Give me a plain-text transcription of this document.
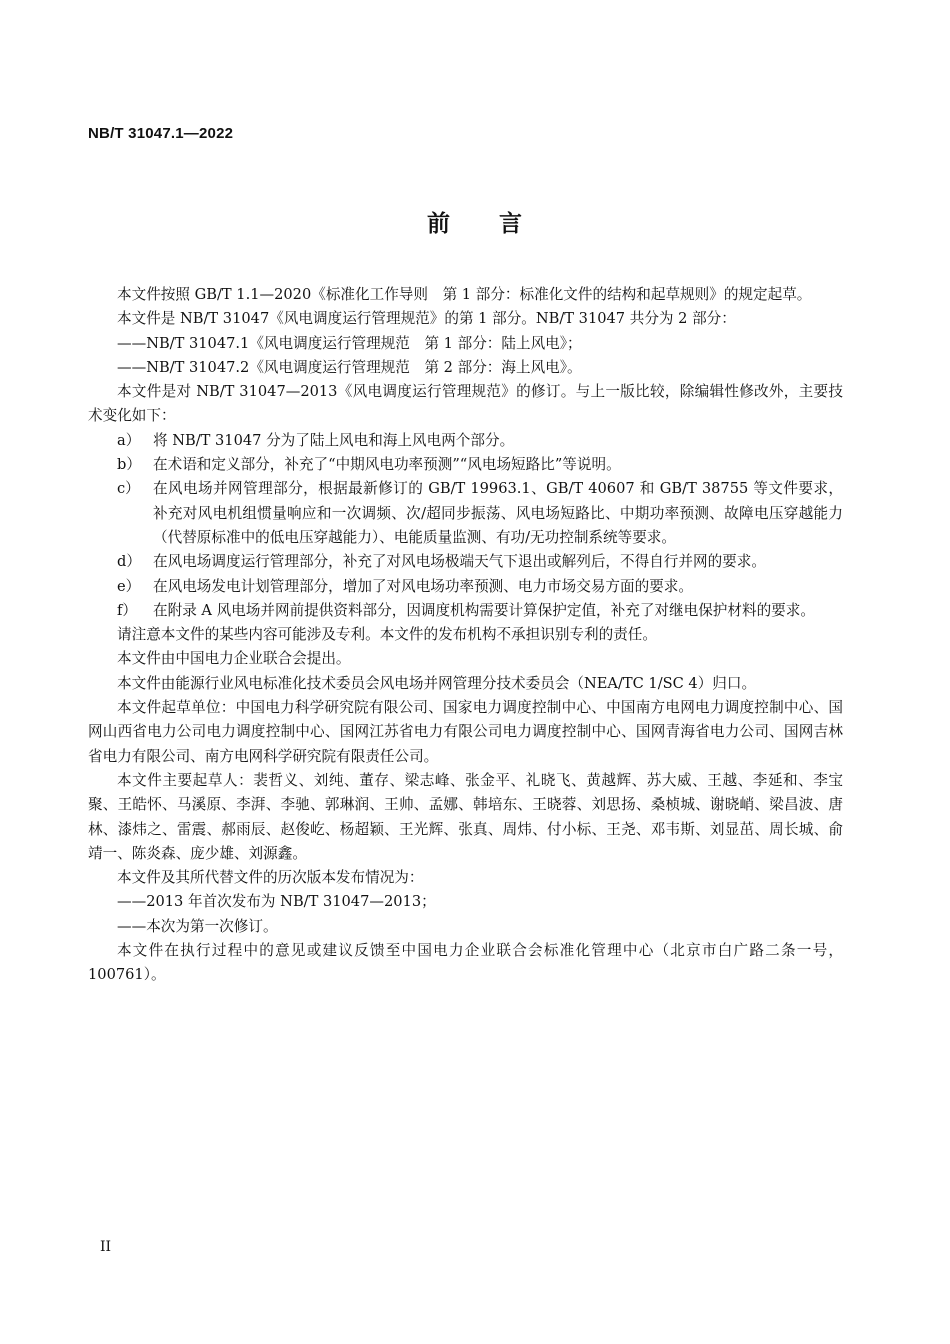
NB/T 31047.1—2022
前 言

本文件按照 GB/T 1.1—2020《标准化工作导则　第 1 部分：标准化文件的结构和起草规则》的规定起草。

本文件是 NB/T 31047《风电调度运行管理规范》的第 1 部分。NB/T 31047 共分为 2 部分：

——NB/T 31047.1《风电调度运行管理规范　第 1 部分：陆上风电》；

——NB/T 31047.2《风电调度运行管理规范　第 2 部分：海上风电》。

本文件是对 NB/T 31047—2013《风电调度运行管理规范》的修订。与上一版比较，除编辑性修改外，主要技术变化如下：

a） 将 NB/T 31047 分为了陆上风电和海上风电两个部分。
b） 在术语和定义部分，补充了“中期风电功率预测”“风电场短路比”等说明。
c） 在风电场并网管理部分，根据最新修订的 GB/T 19963.1、GB/T 40607 和 GB/T 38755 等文件要求，补充对风电机组惯量响应和一次调频、次/超同步振荡、风电场短路比、中期功率预测、故障电压穿越能力（代替原标准中的低电压穿越能力）、电能质量监测、有功/无功控制系统等要求。
d） 在风电场调度运行管理部分，补充了对风电场极端天气下退出或解列后，不得自行并网的要求。
e） 在风电场发电计划管理部分，增加了对风电场功率预测、电力市场交易方面的要求。
f）	在附录 A 风电场并网前提供资料部分，因调度机构需要计算保护定值，补充了对继电保护材料的要求。

请注意本文件的某些内容可能涉及专利。本文件的发布机构不承担识别专利的责任。

本文件由中国电力企业联合会提出。

本文件由能源行业风电标准化技术委员会风电场并网管理分技术委员会（NEA/TC 1/SC 4）归口。

本文件起草单位：中国电力科学研究院有限公司、国家电力调度控制中心、中国南方电网电力调度控制中心、国网山西省电力公司电力调度控制中心、国网江苏省电力有限公司电力调度控制中心、国网青海省电力公司、国网吉林省电力有限公司、南方电网科学研究院有限责任公司。

本文件主要起草人：裴哲义、刘纯、董存、梁志峰、张金平、礼晓飞、黄越辉、苏大威、王越、李延和、李宝聚、王皓怀、马溪原、李湃、李驰、郭琳润、王帅、孟娜、韩培东、王晓蓉、刘思扬、桑桢城、谢晓峭、梁昌波、唐林、漆炜之、雷震、郝雨辰、赵俊屹、杨超颖、王光辉、张真、周炜、付小标、王尧、邓韦斯、刘显茁、周长城、俞靖一、陈炎森、庞少雄、刘源鑫。

本文件及其所代替文件的历次版本发布情况为：

——2013 年首次发布为 NB/T 31047—2013；

——本次为第一次修订。

本文件在执行过程中的意见或建议反馈至中国电力企业联合会标准化管理中心（北京市白广路二条一号，100761）。

II
